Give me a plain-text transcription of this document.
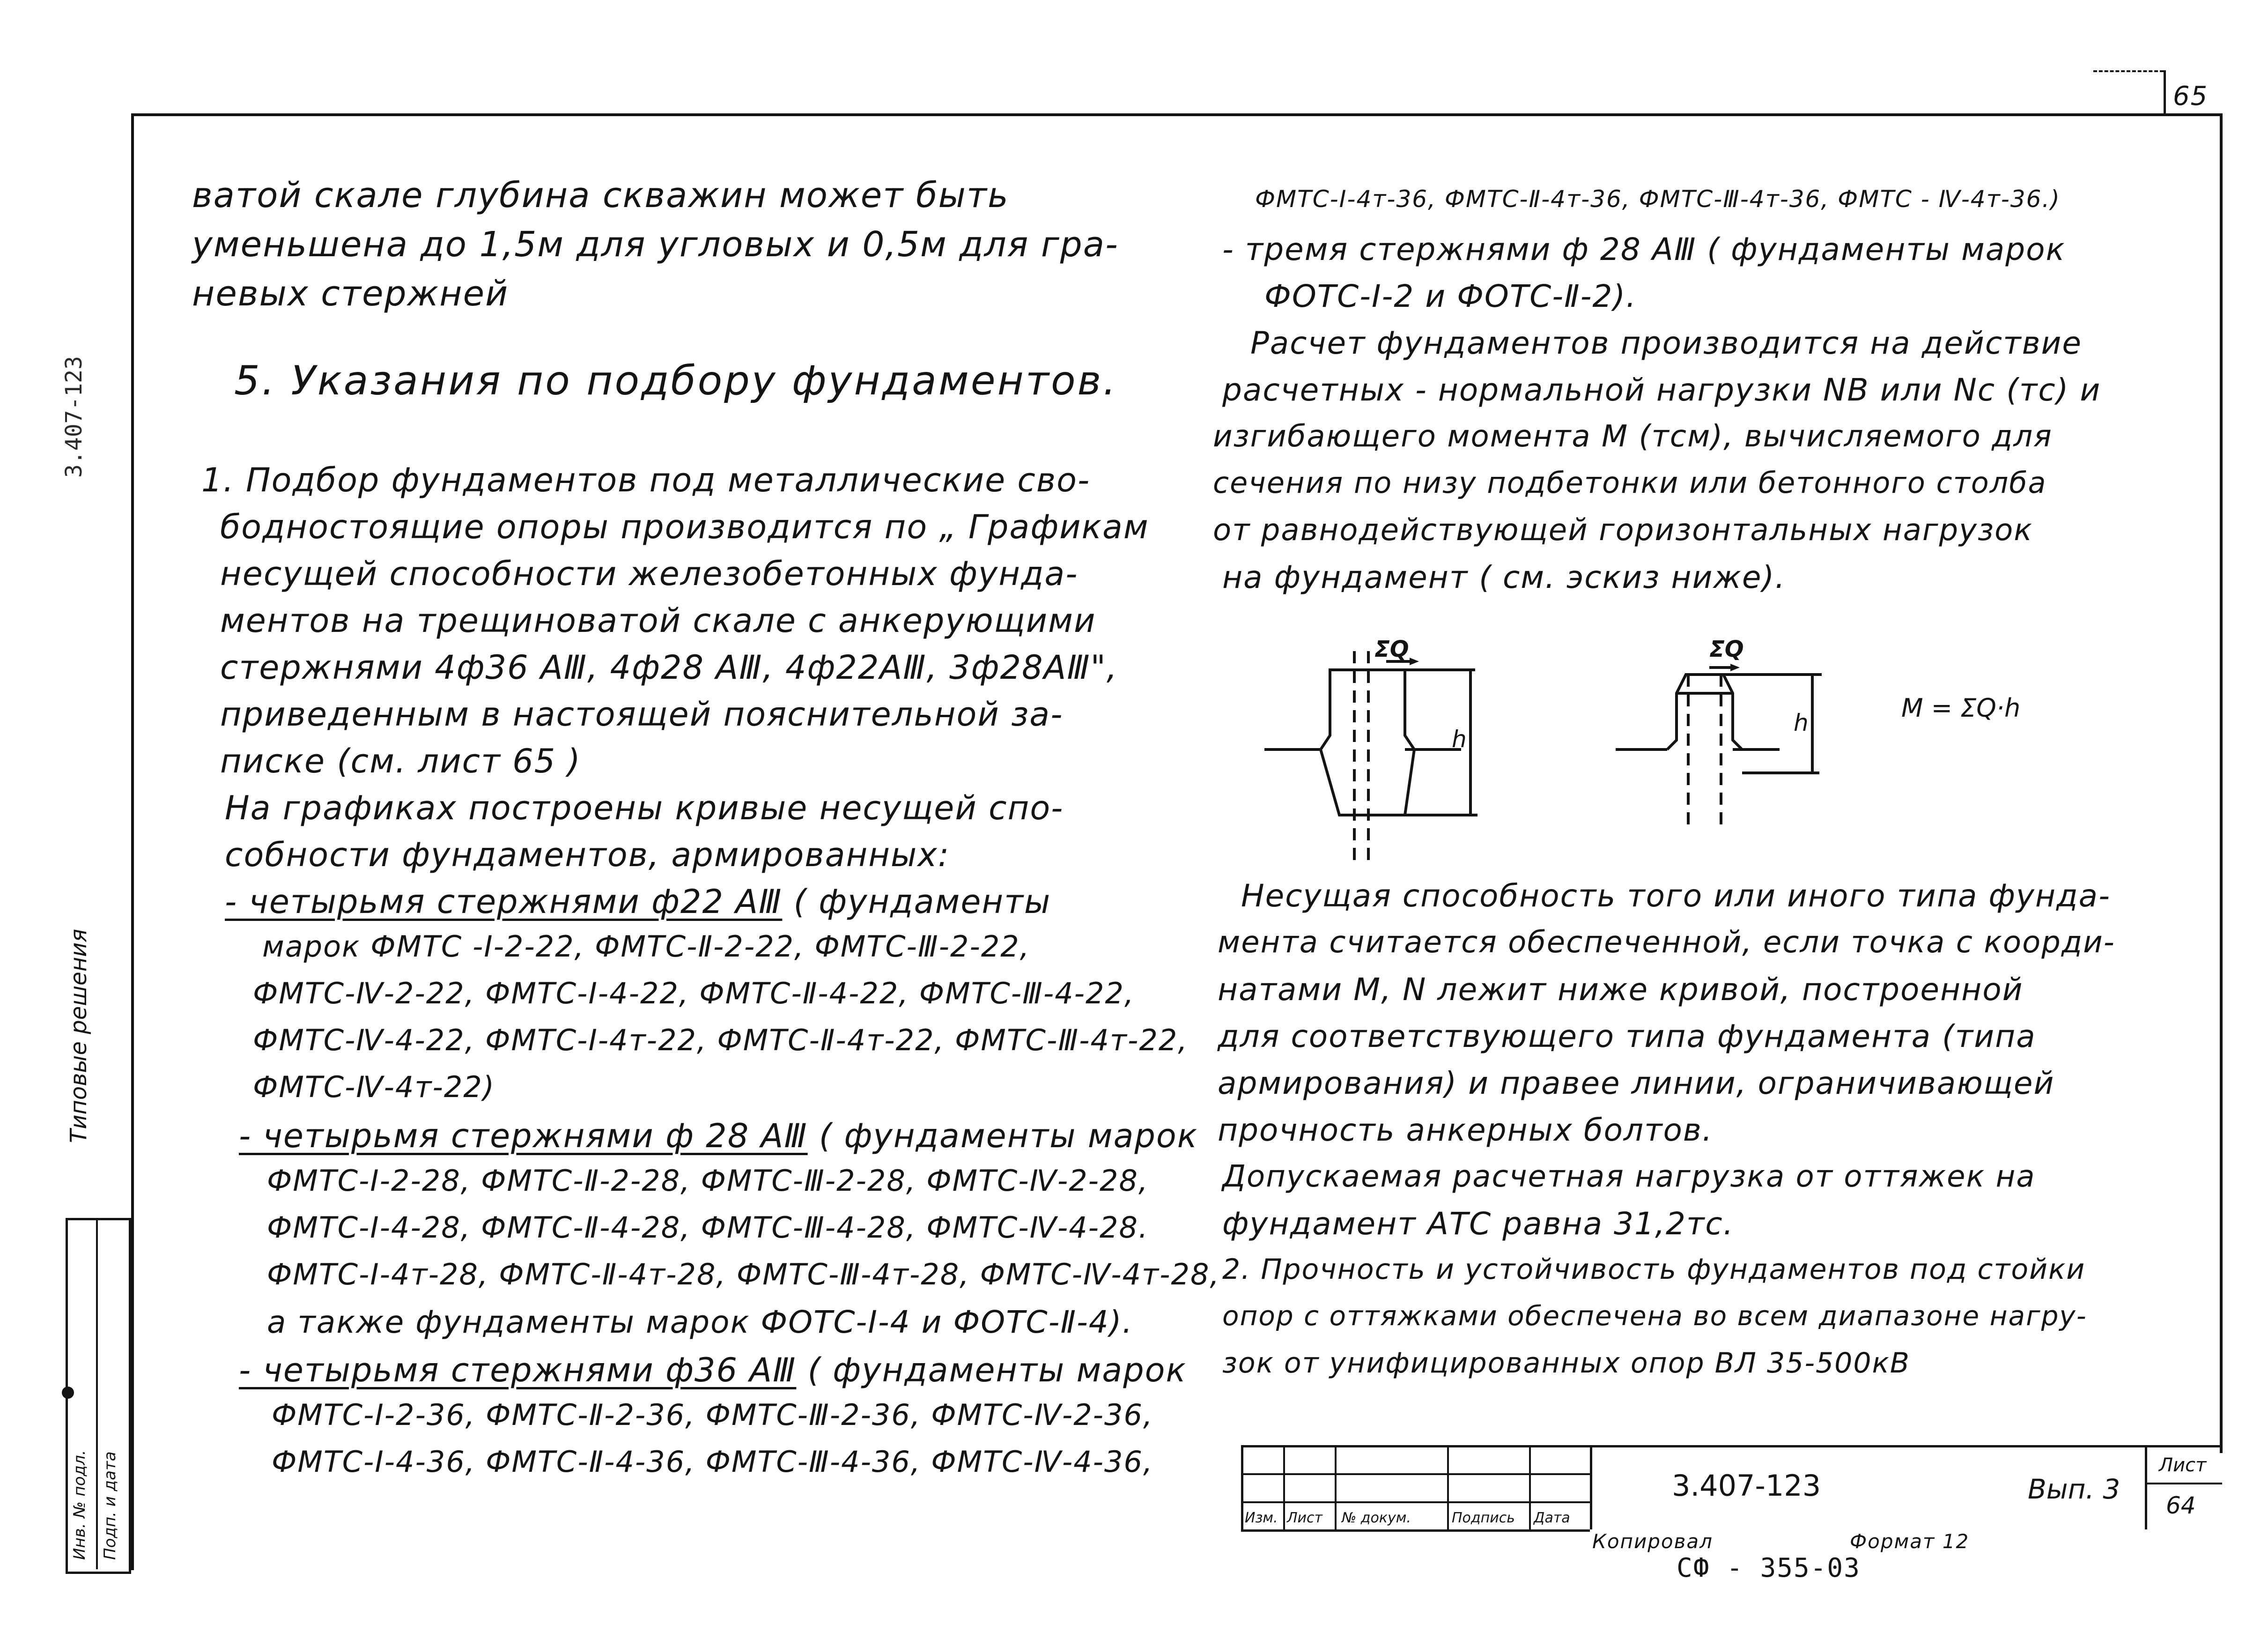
65
3.407-123
Типовые решения
Инв. № подл. Подп. и дата
ватой скале глубина скважин может быть
уменьшена до 1,5м для угловых и 0,5м для гра-
невых стержней
5. Указания по подбору фундаментов.
1. Подбор фундаментов под металлические сво-
бодностоящие опоры производится по „ Графикам
несущей способности железобетонных фунда-
ментов на трещиноватой скале с анкерующими
стержнями 4ф36 АⅢ, 4ф28 АⅢ, 4ф22АⅢ, 3ф28АⅢ",
приведенным в настоящей пояснительной за-
писке (см. лист 65 )
На графиках построены кривые несущей спо-
собности фундаментов, армированных:
- четырьмя стержнями ф22 АⅢ ( фундаменты
марок ФМТС -Ⅰ-2-22, ФМТС-Ⅱ-2-22, ФМТС-Ⅲ-2-22,
ФМТС-Ⅳ-2-22, ФМТС-Ⅰ-4-22, ФМТС-Ⅱ-4-22, ФМТС-Ⅲ-4-22,
ФМТС-Ⅳ-4-22, ФМТС-Ⅰ-4т-22, ФМТС-Ⅱ-4т-22, ФМТС-Ⅲ-4т-22,
ФМТС-Ⅳ-4т-22)
- четырьмя стержнями ф 28 АⅢ ( фундаменты марок
ФМТС-Ⅰ-2-28, ФМТС-Ⅱ-2-28, ФМТС-Ⅲ-2-28, ФМТС-Ⅳ-2-28,
ФМТС-Ⅰ-4-28, ФМТС-Ⅱ-4-28, ФМТС-Ⅲ-4-28, ФМТС-Ⅳ-4-28.
ФМТС-Ⅰ-4т-28, ФМТС-Ⅱ-4т-28, ФМТС-Ⅲ-4т-28, ФМТС-Ⅳ-4т-28,
а также фундаменты марок ФОТС-Ⅰ-4 и ФОТС-Ⅱ-4).
- четырьмя стержнями ф36 АⅢ ( фундаменты марок
ФМТС-Ⅰ-2-36, ФМТС-Ⅱ-2-36, ФМТС-Ⅲ-2-36, ФМТС-Ⅳ-2-36,
ФМТС-Ⅰ-4-36, ФМТС-Ⅱ-4-36, ФМТС-Ⅲ-4-36, ФМТС-Ⅳ-4-36,
ФМТС-Ⅰ-4т-36, ФМТС-Ⅱ-4т-36, ФМТС-Ⅲ-4т-36, ФМТС - Ⅳ-4т-36.)
- тремя стержнями ф 28 АⅢ ( фундаменты марок
ФОТС-Ⅰ-2 и ФОТС-Ⅱ-2).
Расчет фундаментов производится на действие
расчетных - нормальной нагрузки NВ или Nс (тс) и
изгибающего момента М (тсм), вычисляемого для
сечения по низу подбетонки или бетонного столба
от равнодействующей горизонтальных нагрузок
на фундамент ( см. эскиз ниже).
ΣQ
h
ΣQ
h	M = ΣQ·h
Несущая способность того или иного типа фунда-
мента считается обеспеченной, если точка с коорди-
натами М, N лежит ниже кривой, построенной
для соответствующего типа фундамента (типа
армирования) и правее линии, ограничивающей
прочность анкерных болтов.
Допускаемая расчетная нагрузка от оттяжек на
фундамент АТС равна 31,2тс.
2. Прочность и устойчивость фундаментов под стойки
опор с оттяжками обеспечена во всем диапазоне нагру-
зок от унифицированных опор ВЛ 35-500кВ
Изм. Лист № докум.	Подпись Дата
3.407-123	Вып. 3
Лист
64
Копировал	Формат 12
СФ - 355-03
